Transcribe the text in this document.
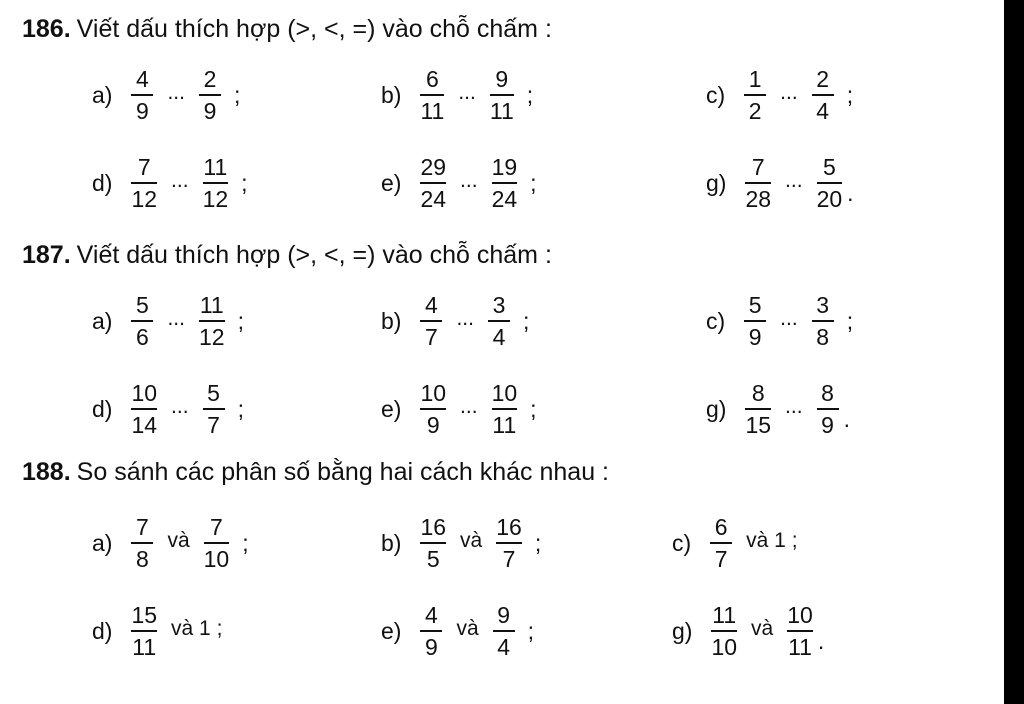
186. Viết dấu thích hợp (>, <, =) vào chỗ chấm :
$a) \frac{4}{9}$ ... $\frac{2}{9}$ ;	$b) \frac{6}{11}$ ... $\frac{9}{11}$ ;	$c) \frac{1}{2}$ ... $\frac{2}{4}$ ;
$d) \frac{7}{12}$ ... $\frac{11}{12}$ ;	$e) \frac{29}{24}$ ... $\frac{19}{24}$ ;	$g) \frac{7}{28}$ ... $\frac{5}{20}$ .
187. Viết dấu thích hợp (>, <, =) vào chỗ chấm :
$a) \frac{5}{6}$ ... $\frac{11}{12}$ ;	$b) \frac{4}{7}$ ... $\frac{3}{4}$ ;	$c) \frac{5}{9}$ ... $\frac{3}{8}$ ;
$d) \frac{10}{14}$ ... $\frac{5}{7}$ ;	$e) \frac{10}{9}$ ... $\frac{10}{11}$ ;	$g) \frac{8}{15}$ ... $\frac{8}{9}$ .
188. So sánh các phân số bằng hai cách khác nhau :
$a) \frac{7}{8}$ và $\frac{7}{10}$ ;	$b) \frac{16}{5}$ và $\frac{16}{7}$ ;	$c) \frac{6}{7}$ và 1 ;
$d) \frac{15}{11}$ và 1 ;	$e) \frac{4}{9}$ và $\frac{9}{4}$ ;	$g) \frac{11}{10}$ và $\frac{10}{11}$ .
